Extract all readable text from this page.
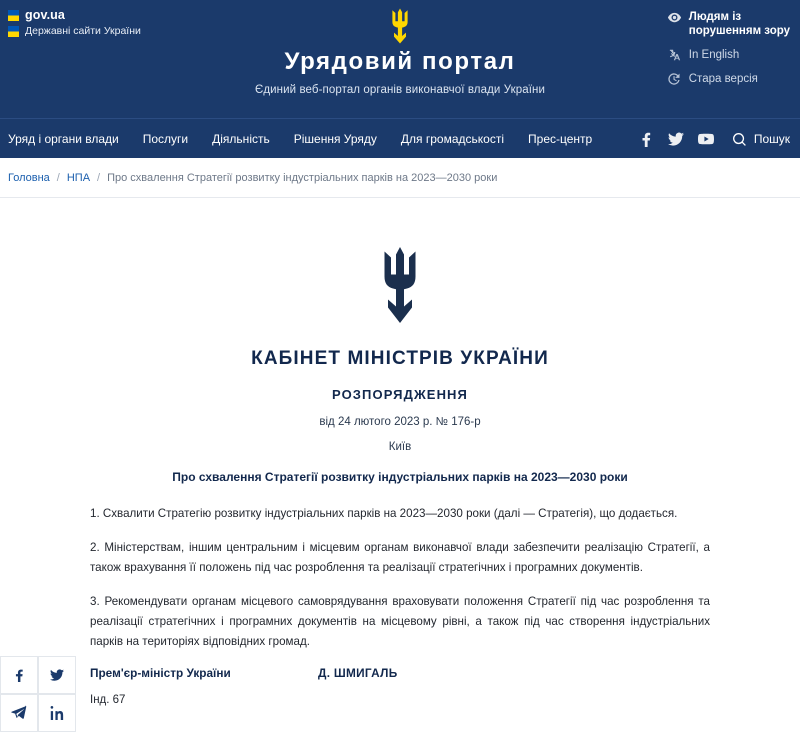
gov.ua
Державні сайти України
Урядовий портал
Єдиний веб-портал органів виконавчої влади України
Людям із
порушенням зору
In English
Стара версія
Уряд і органи влади Послуги Діяльність Рішення Уряду Для громадськості Прес-центр	Пошук
Головна / НПА / Про схвалення Стратегії розвитку індустріальних парків на 2023—2030 роки
КАБІНЕТ МІНІСТРІВ УКРАЇНИ
РОЗПОРЯДЖЕННЯ
від 24 лютого 2023 р. № 176-р
Київ
Про схвалення Стратегії розвитку індустріальних парків на 2023—2030 роки

1. Схвалити Стратегію розвитку індустріальних парків на 2023—2030 роки (далі — Стратегія), що додається.

2. Міністерствам, іншим центральним і місцевим органам виконавчої влади забезпечити реалізацію Стратегії, а також врахування її положень під час розроблення та реалізації стратегічних і програмних документів.

3. Рекомендувати органам місцевого самоврядування враховувати положення Стратегії під час розроблення та реалізації стратегічних і програмних документів на місцевому рівні, а також під час створення індустріальних парків на територіях відповідних громад.

Прем'єр-міністр України	Д. ШМИГАЛЬ
Інд. 67
